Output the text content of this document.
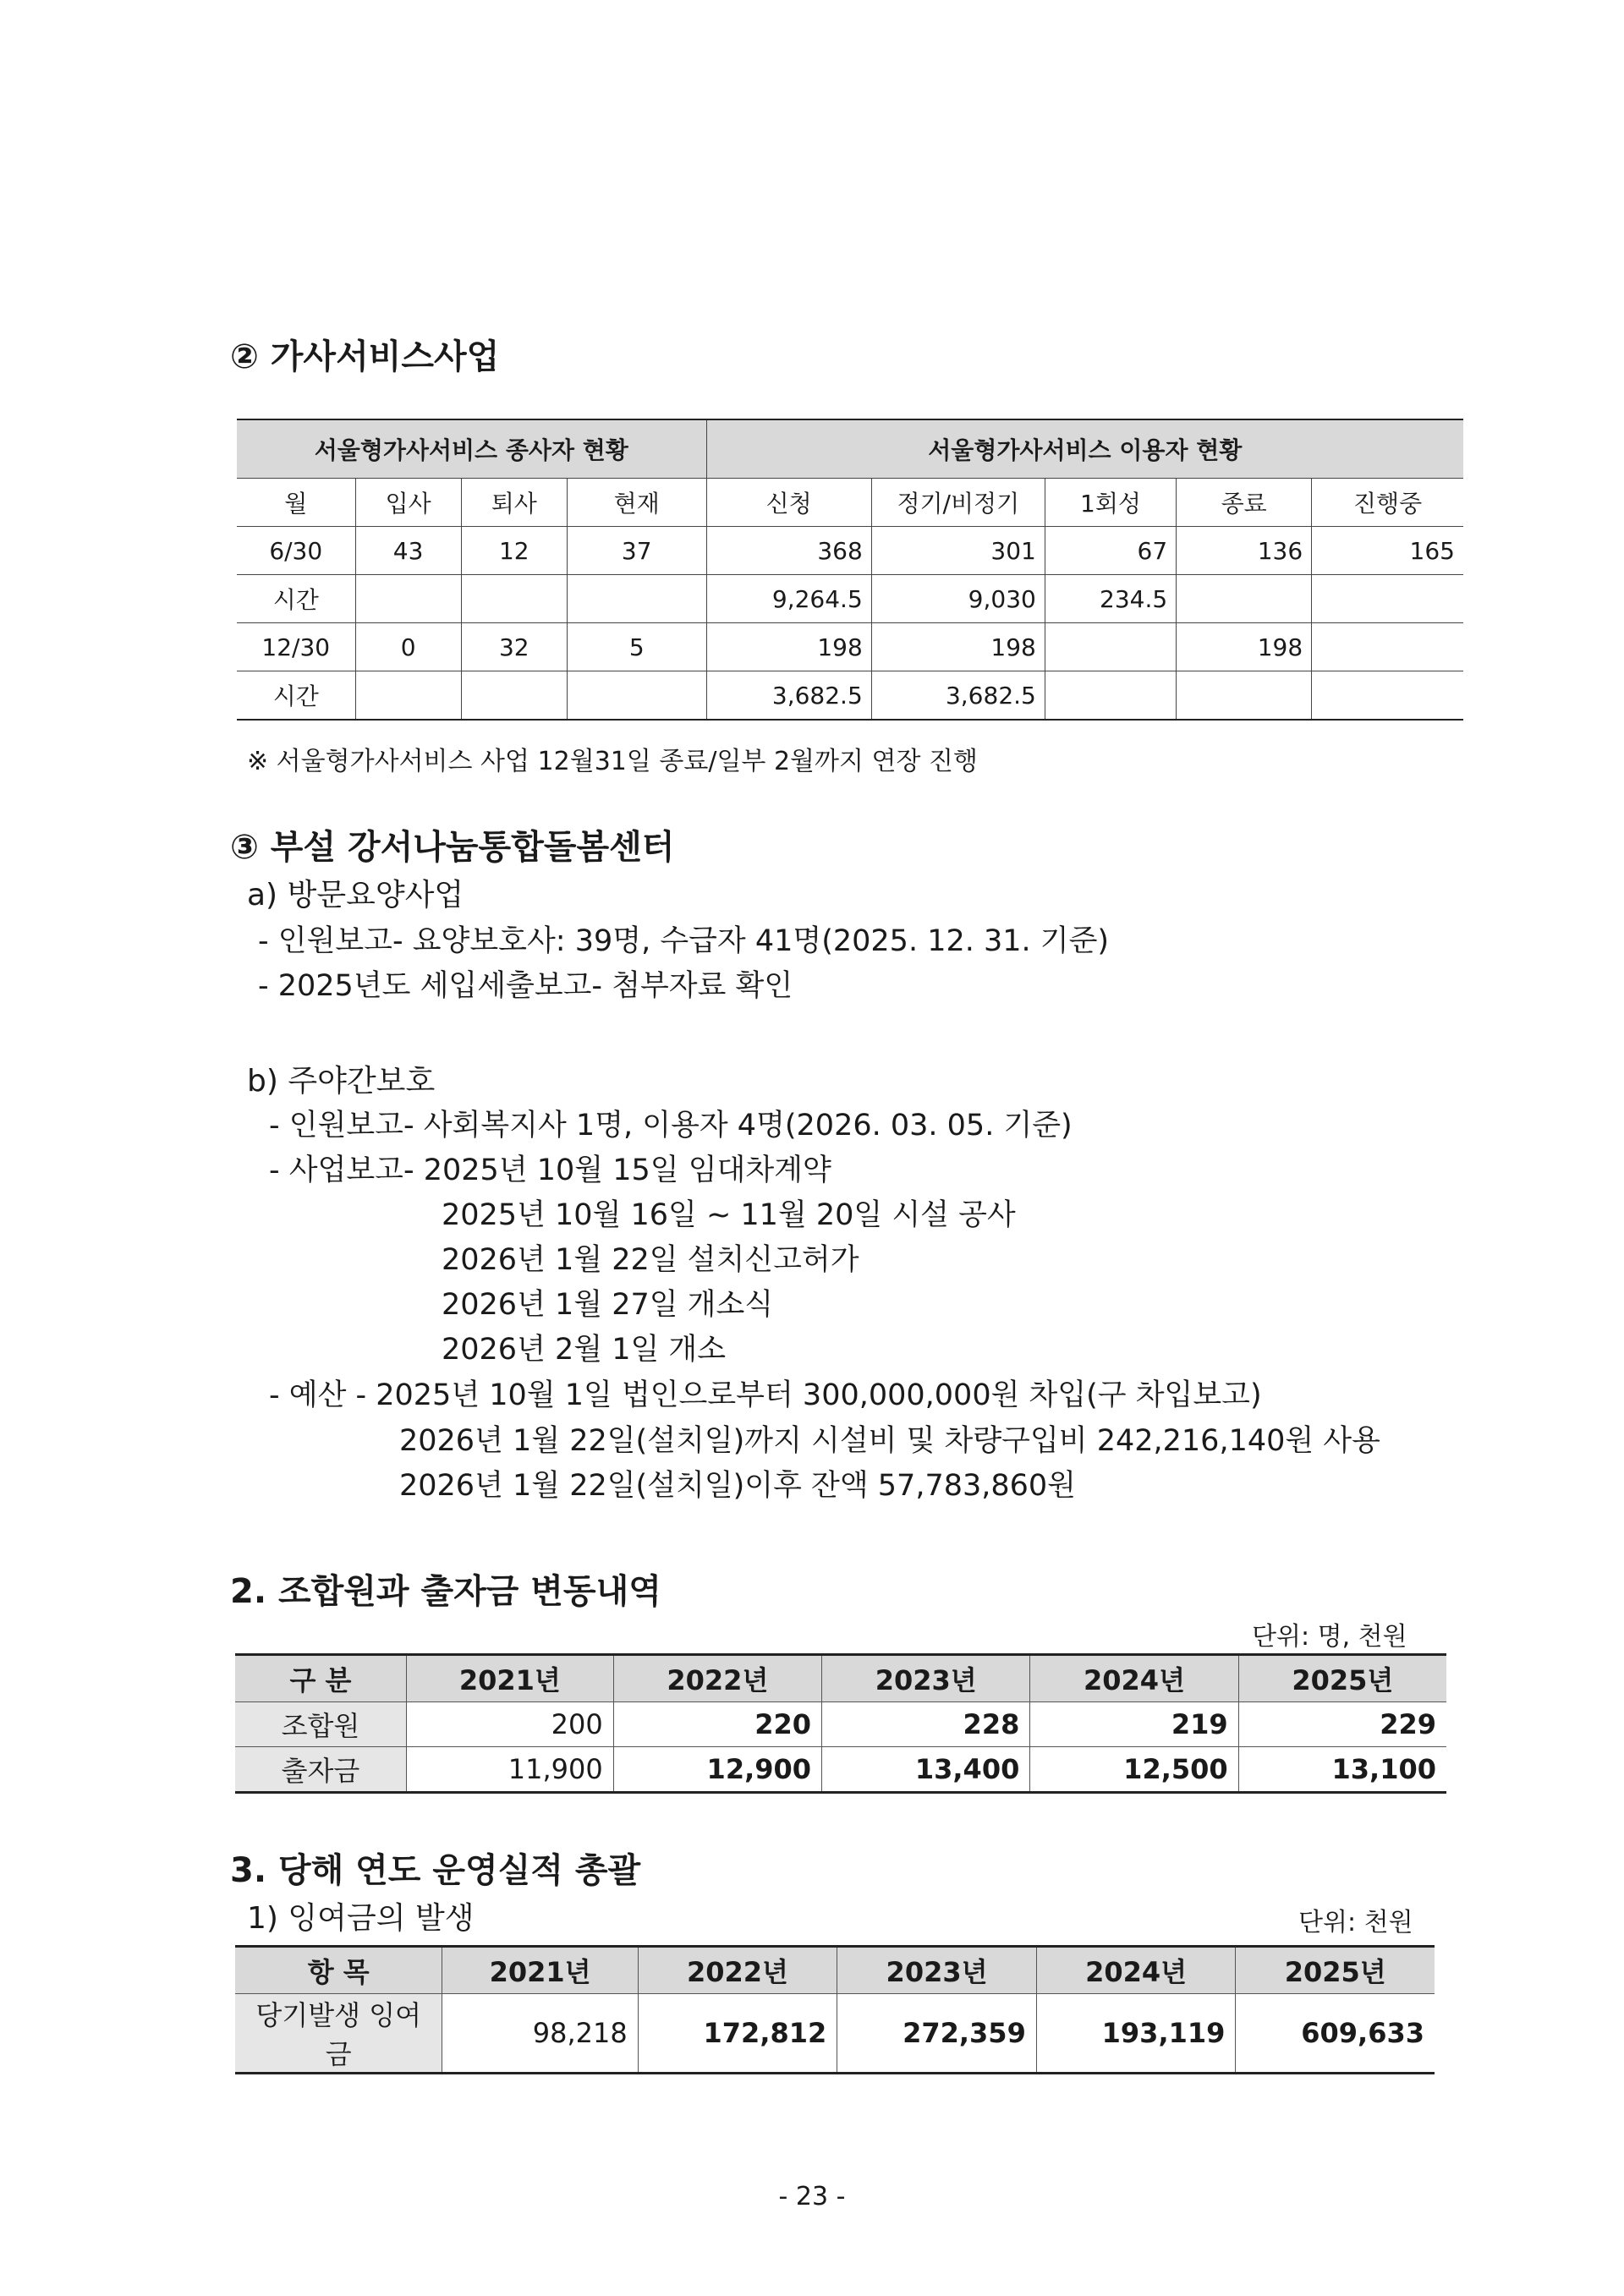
② 가사서비스사업
서울형가사서비스 종사자 현황				서울형가사서비스 이용자 현황				
월	입사	퇴사	현재	신청	정기/비정기	1회성	종료	진행중
6/30	43	12	37	368	301	67	136	165
시간				9,264.5	9,030	234.5		
12/30	0	32	5	198	198		198	
시간				3,682.5	3,682.5			
※ 서울형가사서비스 사업 12월31일 종료/일부 2월까지 연장 진행
③ 부설 강서나눔통합돌봄센터
a) 방문요양사업
- 인원보고- 요양보호사: 39명, 수급자 41명(2025. 12. 31. 기준)
- 2025년도 세입세출보고- 첨부자료 확인
b) 주야간보호
- 인원보고- 사회복지사 1명, 이용자 4명(2026. 03. 05. 기준)
- 사업보고- 2025년 10월 15일 임대차계약
2025년 10월 16일 ~ 11월 20일 시설 공사
2026년 1월 22일 설치신고허가
2026년 1월 27일 개소식
2026년 2월 1일 개소
- 예산 - 2025년 10월 1일 법인으로부터 300,000,000원 차입(구 차입보고)
2026년 1월 22일(설치일)까지 시설비 및 차량구입비 242,216,140원 사용
2026년 1월 22일(설치일)이후 잔액 57,783,860원
2. 조합원과 출자금 변동내역
단위: 명, 천원
구 분	2021년	2022년	2023년	2024년	2025년
조합원	200	220	228	219	229
출자금	11,900	12,900	13,400	12,500	13,100
3. 당해 연도 운영실적 총괄
1) 잉여금의 발생	단위: 천원
항 목	2021년	2022년	2023년	2024년	2025년
당기발생 잉여금	98,218	172,812	272,359	193,119	609,633
- 23 -
